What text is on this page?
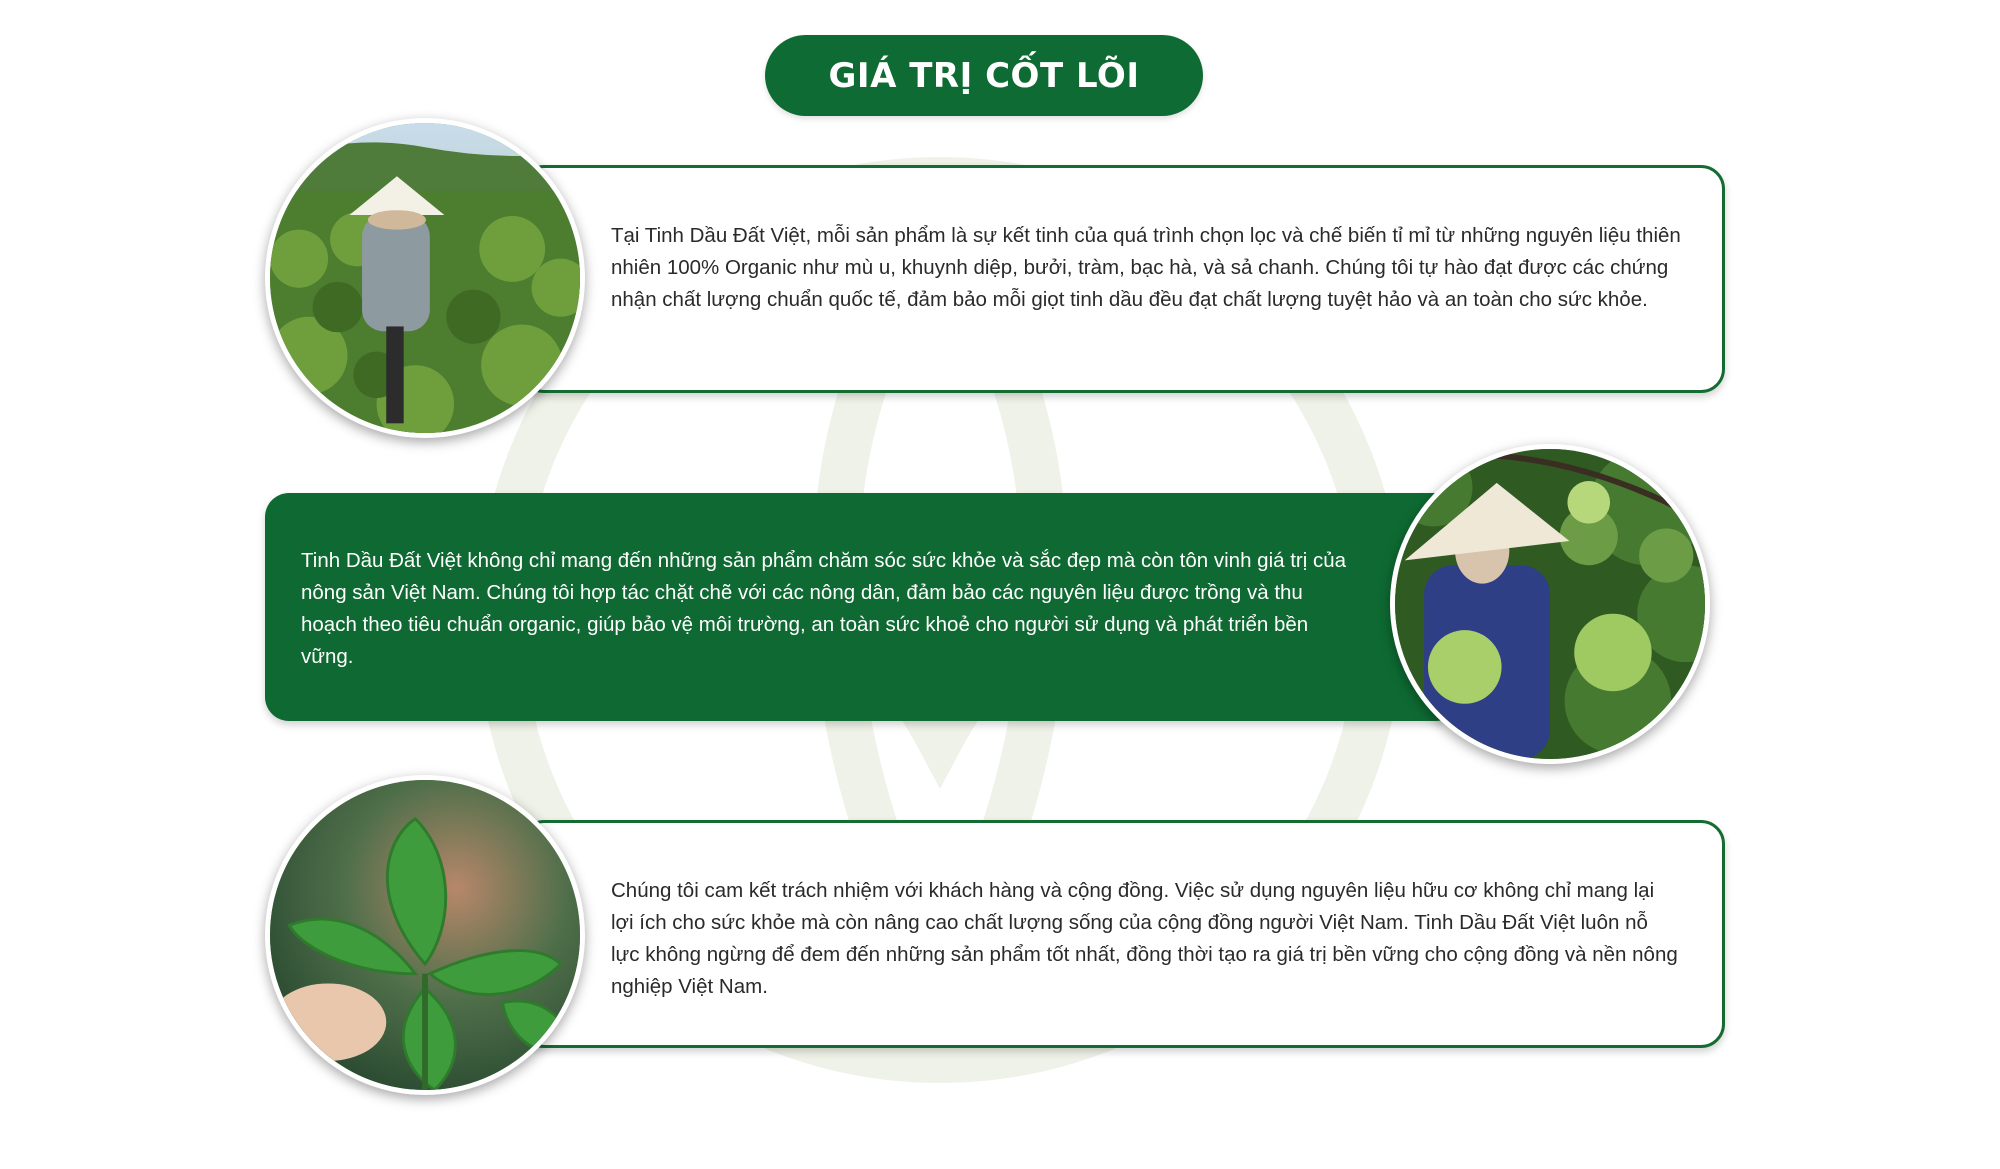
GIÁ TRỊ CỐT LÕI

Tại Tinh Dầu Đất Việt, mỗi sản phẩm là sự kết tinh của quá trình chọn lọc và chế biến tỉ mỉ từ những nguyên liệu thiên nhiên 100% Organic như mù u, khuynh diệp, bưởi, tràm, bạc hà, và sả chanh. Chúng tôi tự hào đạt được các chứng nhận chất lượng chuẩn quốc tế, đảm bảo mỗi giọt tinh dầu đều đạt chất lượng tuyệt hảo và an toàn cho sức khỏe.

Tinh Dầu Đất Việt không chỉ mang đến những sản phẩm chăm sóc sức khỏe và sắc đẹp mà còn tôn vinh giá trị của nông sản Việt Nam. Chúng tôi hợp tác chặt chẽ với các nông dân, đảm bảo các nguyên liệu được trồng và thu hoạch theo tiêu chuẩn organic, giúp bảo vệ môi trường, an toàn sức khoẻ cho người sử dụng và phát triển bền vững.

Chúng tôi cam kết trách nhiệm với khách hàng và cộng đồng. Việc sử dụng nguyên liệu hữu cơ không chỉ mang lại lợi ích cho sức khỏe mà còn nâng cao chất lượng sống của cộng đồng người Việt Nam. Tinh Dầu Đất Việt luôn nỗ lực không ngừng để đem đến những sản phẩm tốt nhất, đồng thời tạo ra giá trị bền vững cho cộng đồng và nền nông nghiệp Việt Nam.
